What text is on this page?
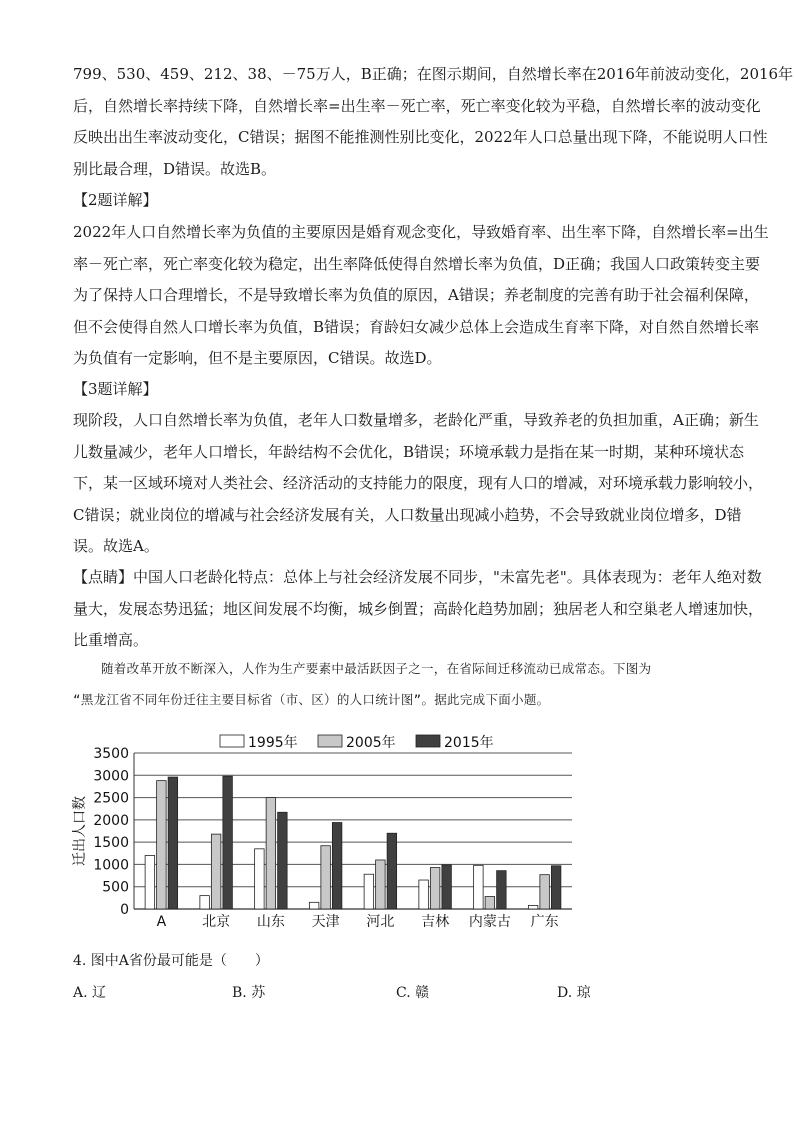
799、530、459、212、38、－75万人，B正确；在图示期间，自然增长率在2016年前波动变化，2016年
后，自然增长率持续下降，自然增长率=出生率－死亡率，死亡率变化较为平稳，自然增长率的波动变化
反映出出生率波动变化，C错误；据图不能推测性别比变化，2022年人口总量出现下降，不能说明人口性
别比最合理，D错误。故选B。
【2题详解】
2022年人口自然增长率为负值的主要原因是婚育观念变化，导致婚育率、出生率下降，自然增长率=出生
率－死亡率，死亡率变化较为稳定，出生率降低使得自然增长率为负值，D正确；我国人口政策转变主要
为了保持人口合理增长，不是导致增长率为负值的原因，A错误；养老制度的完善有助于社会福利保障，
但不会使得自然人口增长率为负值，B错误；育龄妇女减少总体上会造成生育率下降，对自然自然增长率
为负值有一定影响，但不是主要原因，C错误。故选D。
【3题详解】
现阶段，人口自然增长率为负值，老年人口数量增多，老龄化严重，导致养老的负担加重，A正确；新生
儿数量减少，老年人口增长，年龄结构不会优化，B错误；环境承载力是指在某一时期，某种环境状态
下，某一区域环境对人类社会、经济活动的支持能力的限度，现有人口的增减，对环境承载力影响较小，
C错误；就业岗位的增减与社会经济发展有关，人口数量出现减小趋势，不会导致就业岗位增多，D错
误。故选A。
【点睛】中国人口老龄化特点：总体上与社会经济发展不同步，"未富先老"。具体表现为：老年人绝对数
量大，发展态势迅猛；地区间发展不均衡，城乡倒置；高龄化趋势加剧；独居老人和空巢老人增速加快，
比重增高。
随着改革开放不断深入，人作为生产要素中最活跃因子之一，在省际间迁移流动已成常态。下图为
“黑龙江省不同年份迁往主要目标省（市、区）的人口统计图”。据此完成下面小题。
0
500
1000
1500
2000
2500
3000
3500
迁出人口数
A	北京 山东 天津 河北 吉林 内蒙古 广东
1995年	2005年	2015年
4. 图中A省份最可能是（　　）
A. 辽	B. 苏	C. 赣	D. 琼
